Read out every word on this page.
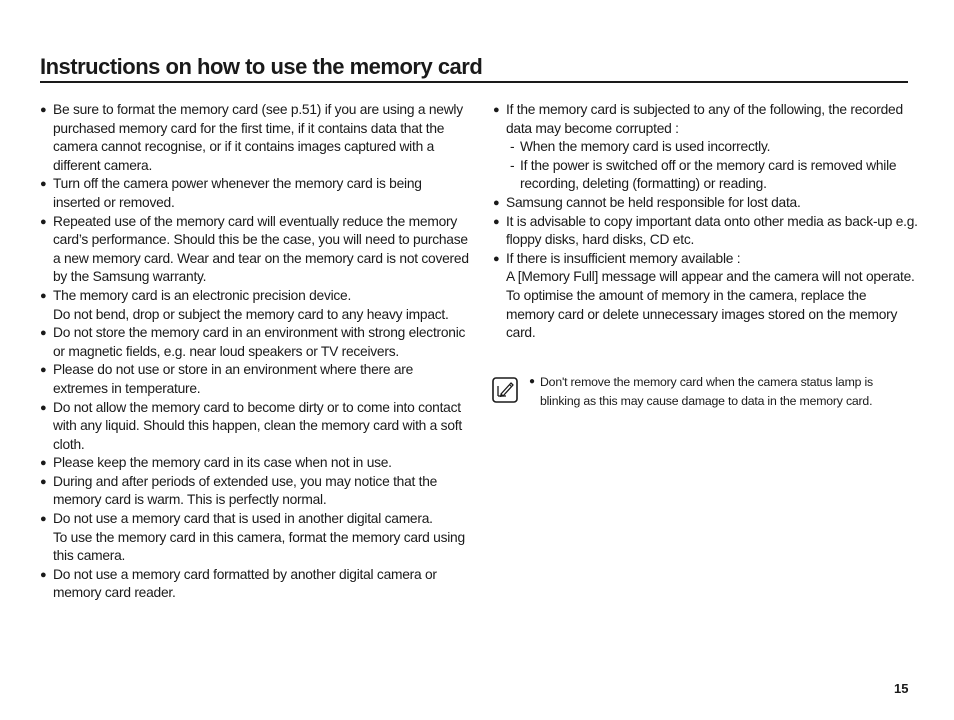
Instructions on how to use the memory card
● Be sure to format the memory card (see p.51) if you are using a newly purchased memory card for the first time, if it contains data that the camera cannot recognise, or if it contains images captured with a different camera.
● Turn off the camera power whenever the memory card is being inserted or removed.
● Repeated use of the memory card will eventually reduce the memory card’s performance. Should this be the case, you will need to purchase a new memory card. Wear and tear on the memory card is not covered by the Samsung warranty.
● The memory card is an electronic precision device.
Do not bend, drop or subject the memory card to any heavy impact.
● Do not store the memory card in an environment with strong electronic or magnetic fields, e.g. near loud speakers or TV receivers.
● Please do not use or store in an environment where there are extremes in temperature.
● Do not allow the memory card to become dirty or to come into contact with any liquid. Should this happen, clean the memory card with a soft cloth.
● Please keep the memory card in its case when not in use.
● During and after periods of extended use, you may notice that the memory card is warm. This is perfectly normal.
● Do not use a memory card that is used in another digital camera.
To use the memory card in this camera, format the memory card using this camera.
● Do not use a memory card formatted by another digital camera or memory card reader.
● If the memory card is subjected to any of the following, the recorded data may become corrupted :
- When the memory card is used incorrectly.
- If the power is switched off or the memory card is removed while recording, deleting (formatting) or reading.
● Samsung cannot be held responsible for lost data.
● It is advisable to copy important data onto other media as back-up e.g. floppy disks, hard disks, CD etc.
● If there is insufficient memory available :
A [Memory Full] message will appear and the camera will not operate. To optimise the amount of memory in the camera, replace the memory card or delete unnecessary images stored on the memory card.
● Don't remove the memory card when the camera status lamp is blinking as this may cause damage to data in the memory card.
15
